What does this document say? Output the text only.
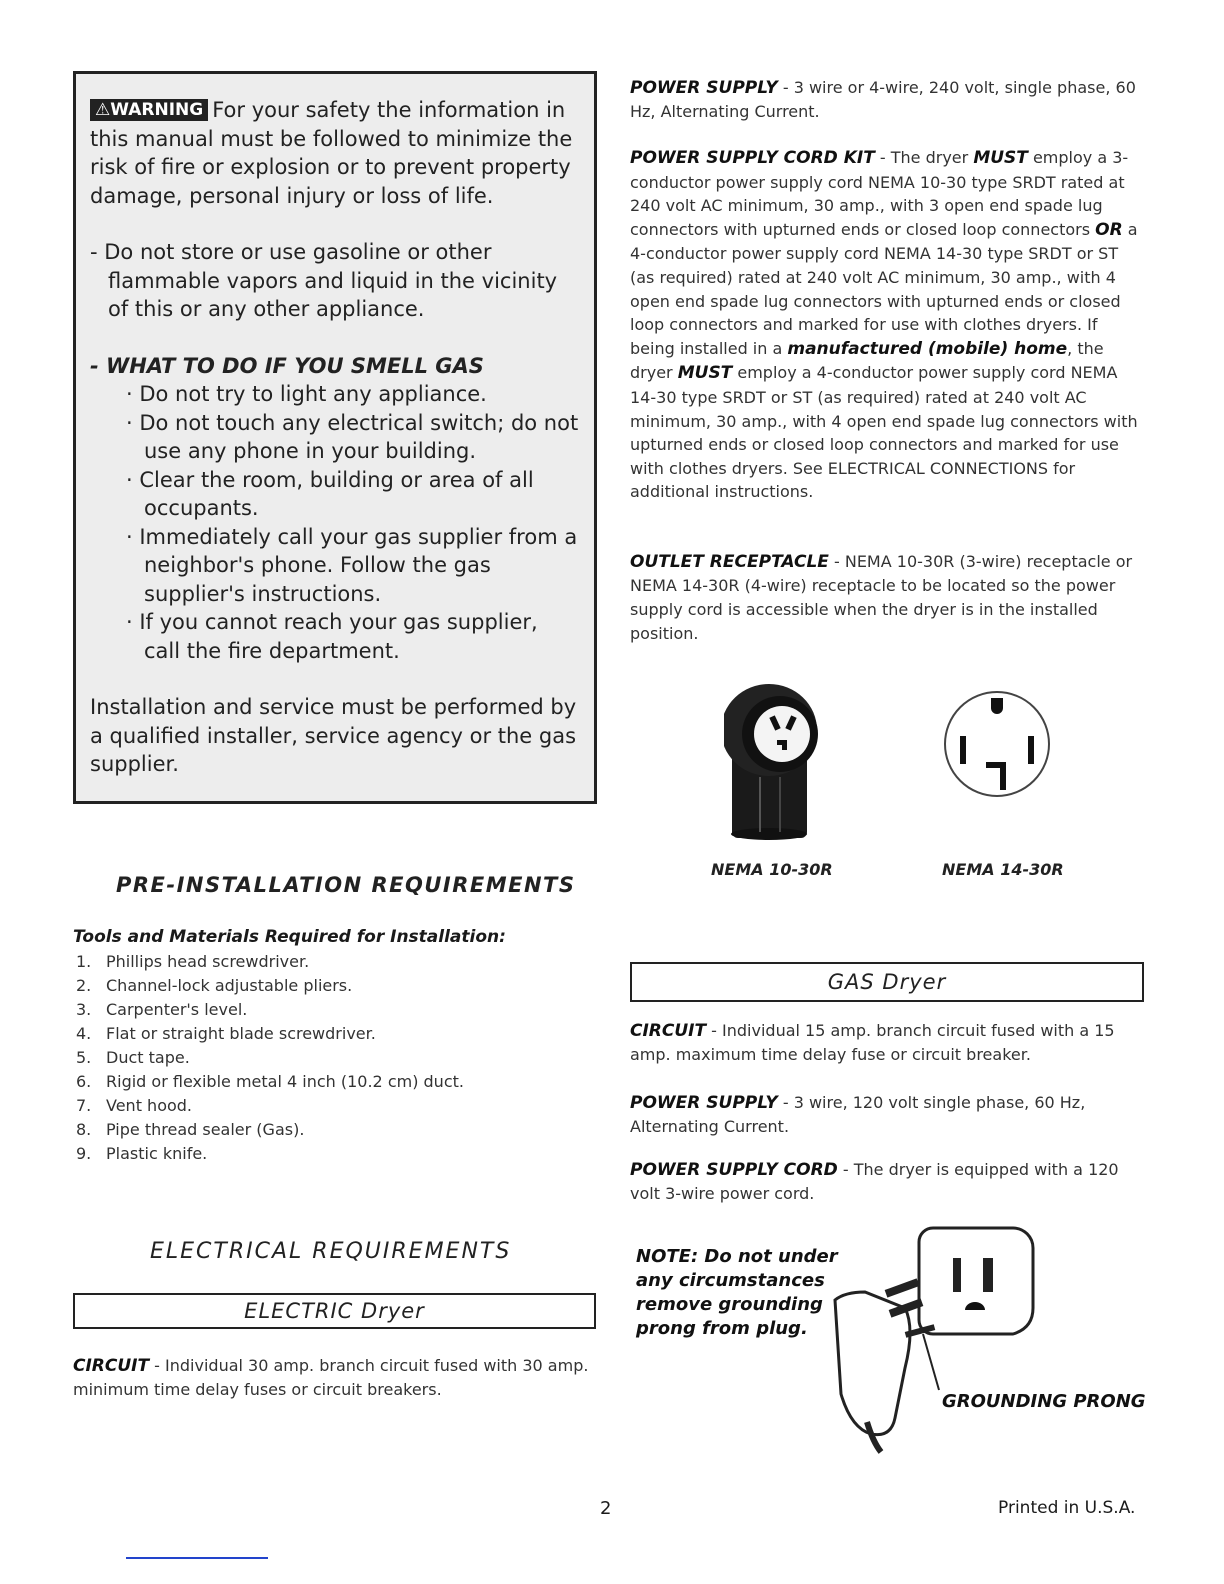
⚠WARNING For your safety the information in this manual must be followed to minimize the risk of fire or explosion or to prevent property damage, personal injury or loss of life.

- Do not store or use gasoline or other flammable vapors and liquid in the vicinity of this or any other appliance.

- WHAT TO DO IF YOU SMELL GAS

· Do not try to light any appliance.

· Do not touch any electrical switch; do not use any phone in your building.

· Clear the room, building or area of all occupants.

· Immediately call your gas supplier from a neighbor's phone. Follow the gas supplier's instructions.

· If you cannot reach your gas supplier, call the fire department.

Installation and service must be performed by a qualified installer, service agency or the gas supplier.

PRE-INSTALLATION REQUIREMENTS
Tools and Materials Required for Installation:
1. Phillips head screwdriver.
2. Channel-lock adjustable pliers.
3. Carpenter's level.
4. Flat or straight blade screwdriver.
5. Duct tape.
6. Rigid or flexible metal 4 inch (10.2 cm) duct.
7. Vent hood.
8. Pipe thread sealer (Gas).
9. Plastic knife.
ELECTRICAL REQUIREMENTS
ELECTRIC Dryer
CIRCUIT - Individual 30 amp. branch circuit fused with 30 amp. minimum time delay fuses or circuit breakers.
POWER SUPPLY - 3 wire or 4-wire, 240 volt, single phase, 60 Hz, Alternating Current.
POWER SUPPLY CORD KIT - The dryer MUST employ a 3-conductor power supply cord NEMA 10-30 type SRDT rated at 240 volt AC minimum, 30 amp., with 3 open end spade lug connectors with upturned ends or closed loop connectors OR a 4-conductor power supply cord NEMA 14-30 type SRDT or ST (as required) rated at 240 volt AC minimum, 30 amp., with 4 open end spade lug connectors with upturned ends or closed loop connectors and marked for use with clothes dryers. If being installed in a manufactured (mobile) home, the dryer MUST employ a 4-conductor power supply cord NEMA 14-30 type SRDT or ST (as required) rated at 240 volt AC minimum, 30 amp., with 4 open end spade lug connectors with upturned ends or closed loop connectors and marked for use with clothes dryers. See ELECTRICAL CONNECTIONS for additional instructions.
OUTLET RECEPTACLE - NEMA 10-30R (3-wire) receptacle or NEMA 14-30R (4-wire) receptacle to be located so the power supply cord is accessible when the dryer is in the installed position.
NEMA 10-30R	NEMA 14-30R
GAS Dryer
CIRCUIT - Individual 15 amp. branch circuit fused with a 15 amp. maximum time delay fuse or circuit breaker.
POWER SUPPLY - 3 wire, 120 volt single phase, 60 Hz, Alternating Current.
POWER SUPPLY CORD - The dryer is equipped with a 120 volt 3-wire power cord.
NOTE: Do not under any circumstances remove grounding prong from plug.
GROUNDING PRONG
2	Printed in U.S.A.
